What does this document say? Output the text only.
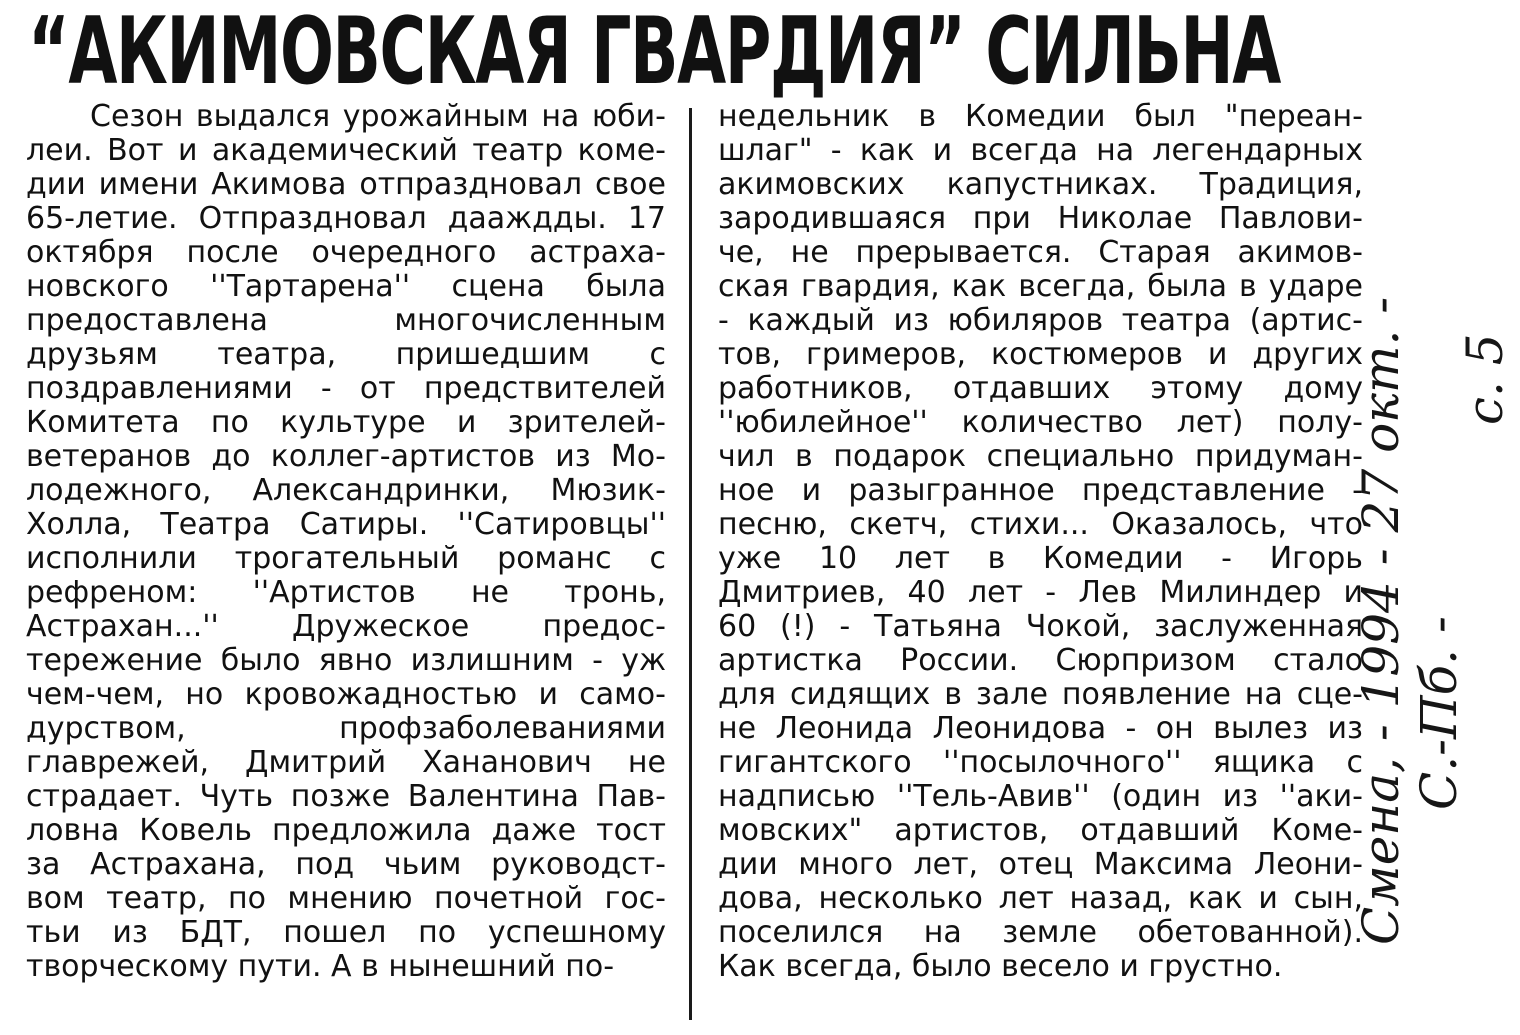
“АКИМОВСКАЯ ГВАРДИЯ” СИЛЬНА
Сезон выдался урожайным на юби-
леи. Вот и академический театр коме-
дии имени Акимова отпраздновал свое
65-летие. Отпраздновал дааждды. 17
октября после очередного астраха-
новского ''Тартарена'' сцена была
предоставлена многочисленным
друзьям театра, пришедшим с
поздравлениями - от предствителей
Комитета по культуре и зрителей-
ветеранов до коллег-артистов из Мо-
лодежного, Александринки, Мюзик-
Холла, Театра Сатиры. ''Сатировцы''
исполнили трогательный романс с
рефреном: ''Артистов не тронь,
Астрахан...'' Дружеское предос-
тережение было явно излишним - уж
чем-чем, но кровожадностью и само-
дурством, профзаболеваниями
главрежей, Дмитрий Хананович не
страдает. Чуть позже Валентина Пав-
ловна Ковель предложила даже тост
за Астрахана, под чьим руководст-
вом театр, по мнению почетной гос-
тьи из БДТ, пошел по успешному
творческому пути. А в нынешний по-
недельник в Комедии был "переан-
шлаг" - как и всегда на легендарных
акимовских капустниках. Традиция,
зародившаяся при Николае Павлови-
че, не прерывается. Старая акимов-
ская гвардия, как всегда, была в ударе
- каждый из юбиляров театра (артис-
тов, гримеров, костюмеров и других
работников, отдавших этому дому
''юбилейное'' количество лет) полу-
чил в подарок специально придуман-
ное и разыгранное представление -
песню, скетч, стихи... Оказалось, что
уже 10 лет в Комедии - Игорь
Дмитриев, 40 лет - Лев Милиндер и
60 (!) - Татьяна Чокой, заслуженная
артистка России. Сюрпризом стало
для сидящих в зале появление на сце-
не Леонида Леонидова - он вылез из
гигантского ''посылочного'' ящика с
надписью ''Тель-Авив'' (один из ''аки-
мовских" артистов, отдавший Коме-
дии много лет, отец Максима Леони-
дова, несколько лет назад, как и сын,
поселился на земле обетованной).
Как всегда, было весело и грустно.
Смена, - 1994 - 27 окт. - С.-Пб. -
с. 5
